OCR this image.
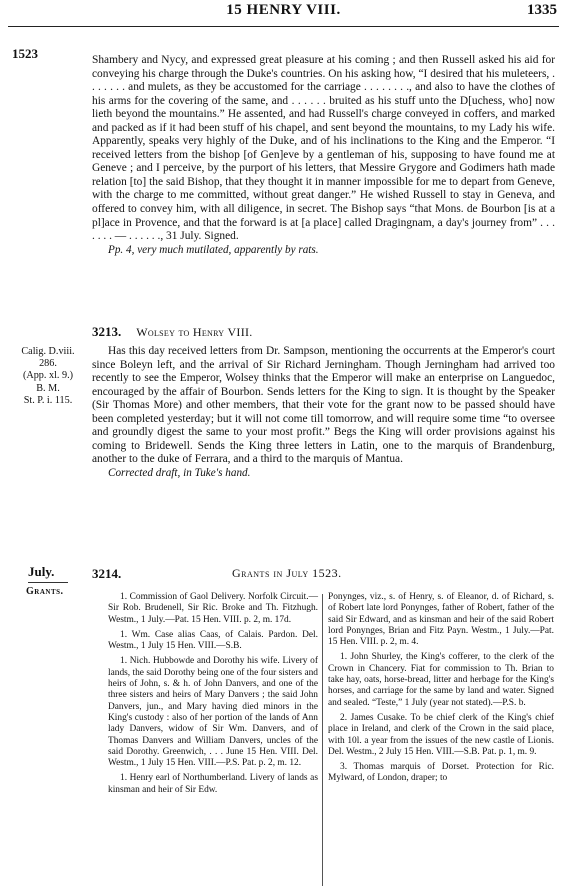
15 HENRY VIII.	1335
1523	Shambery and Nycy, and expressed great pleasure at his coming ; and then Russell asked his aid for conveying his charge through the Duke's countries. On his asking how, “I desired that his muleteers, . . . . . . . and mulets, as they be accustomed for the carriage . . . . . . . ., and also to have the clothes of his arms for the covering of the same, and . . . . . . bruited as his stuff unto the D[uchess, who] now lieth beyond the mountains.” He assented, and had Russell's charge conveyed in coffers, and marked and packed as if it had been stuff of his chapel, and sent beyond the mountains, to my Lady his wife. Apparently, speaks very highly of the Duke, and of his inclinations to the King and the Emperor. “I received letters from the bishop [of Gen]eve by a gentleman of his, supposing to have found me at Geneve ; and I perceive, by the purport of his letters, that Messire Grygore and Godimers hath made relation [to] the said Bishop, that they thought it in manner impossible for me to depart from Geneve, with the charge to me committed, without great danger.” He wished Russell to stay in Geneva, and offered to convey him, with all diligence, in secret. The Bishop says “that Mons. de Bourbon [is at a pl]ace in Provence, and that the forward is at [a place] called Dragingnam, a day's journey from” . . . . . . . — . . . . . ., 31 July. Signed.

Pp. 4, very much mutilated, apparently by rats.

3213. Wolsey to Henry VIII.
Calig. D.viii.
286.
(App. xl. 9.)
B. M.
St. P. i. 115.

Has this day received letters from Dr. Sampson, mentioning the occurrents at the Emperor's court since Boleyn left, and the arrival of Sir Richard Jerningham. Though Jerningham had arrived too recently to see the Emperor, Wolsey thinks that the Emperor will make an enterprise on Languedoc, encouraged by the affair of Bourbon. Sends letters for the King to sign. It is thought by the Speaker (Sir Thomas More) and other members, that their vote for the grant now to be passed should have been completed yesterday; but it will not come till tomorrow, and will require some time “to oversee and groundly digest the same to your most profit.” Begs the King will order provisions against his coming to Bridewell. Sends the King three letters in Latin, one to the marquis of Brandenburg, another to the duke of Ferrara, and a third to the marquis of Mantua.

Corrected draft, in Tuke's hand.

July.
Grants.
3214.	Grants in July 1523.

1. Commission of Gaol Delivery. Norfolk Circuit.—Sir Rob. Brudenell, Sir Ric. Broke and Th. Fitzhugh. Westm., 1 July.—Pat. 15 Hen. VIII. p. 2, m. 17d.

1. Wm. Case alias Caas, of Calais. Pardon. Del. Westm., 1 July 15 Hen. VIII.—S.B.

1. Nich. Hubbowde and Dorothy his wife. Livery of lands, the said Dorothy being one of the four sisters and heirs of John, s. & h. of John Danvers, and one of the three sisters and heirs of Mary Danvers ; the said John Danvers, jun., and Mary having died minors in the King's custody : also of her portion of the lands of Ann lady Danvers, widow of Sir Wm. Danvers, and of Thomas Danvers and William Danvers, uncles of the said Dorothy. Greenwich, . . . June 15 Hen. VIII. Del. Westm., 1 July 15 Hen. VIII.—P.S. Pat. p. 2, m. 12.

1. Henry earl of Northumberland. Livery of lands as kinsman and heir of Sir Edw.

Ponynges, viz., s. of Henry, s. of Eleanor, d. of Richard, s. of Robert late lord Ponynges, father of Robert, father of the said Sir Edward, and as kinsman and heir of the said Robert lord Ponynges, Brian and Fitz Payn. Westm., 1 July.—Pat. 15 Hen. VIII. p. 2, m. 4.

1. John Shurley, the King's cofferer, to the clerk of the Crown in Chancery. Fiat for commission to Th. Brian to take hay, oats, horse-bread, litter and herbage for the King's horses, and carriage for the same by land and water. Signed and sealed. “Teste,” 1 July (year not stated).—P.S. b.

2. James Cusake. To be chief clerk of the King's chief place in Ireland, and clerk of the Crown in the said place, with 10l. a year from the issues of the new castle of Lionis. Del. Westm., 2 July 15 Hen. VIII.—S.B. Pat. p. 1, m. 9.

3. Thomas marquis of Dorset. Protection for Ric. Mylward, of London, draper; to
